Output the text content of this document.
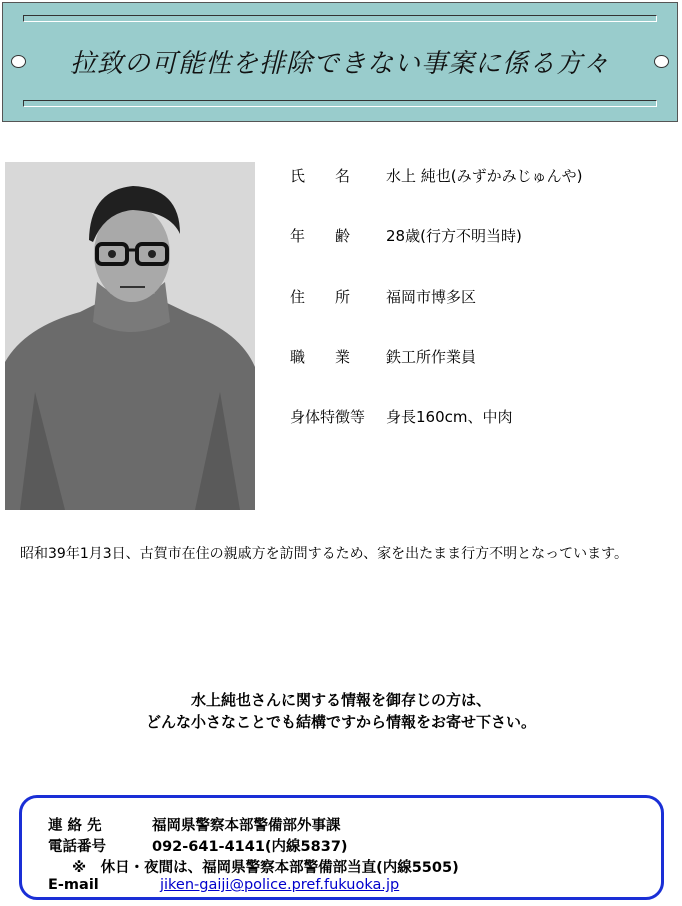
拉致の可能性を排除できない事案に係る方々
氏　　名 水上 純也(みずかみじゅんや)
年　　齢 28歳(行方不明当時)
住　　所 福岡市博多区
職　　業 鉄工所作業員
身体特徴等 身長160cm、中肉
昭和39年1月3日、古賀市在住の親戚方を訪問するため、家を出たまま行方不明となっています。
水上純也さんに関する情報を御存じの方は、
どんな小さなことでも結構ですから情報をお寄せ下さい。
連 絡 先	福岡県警察本部警備部外事課
電話番号	092-641-4141(内線5837)
※　休日・夜間は、福岡県警察本部警備部当直(内線5505)
E-mail	jiken-gaiji@police.pref.fukuoka.jp
